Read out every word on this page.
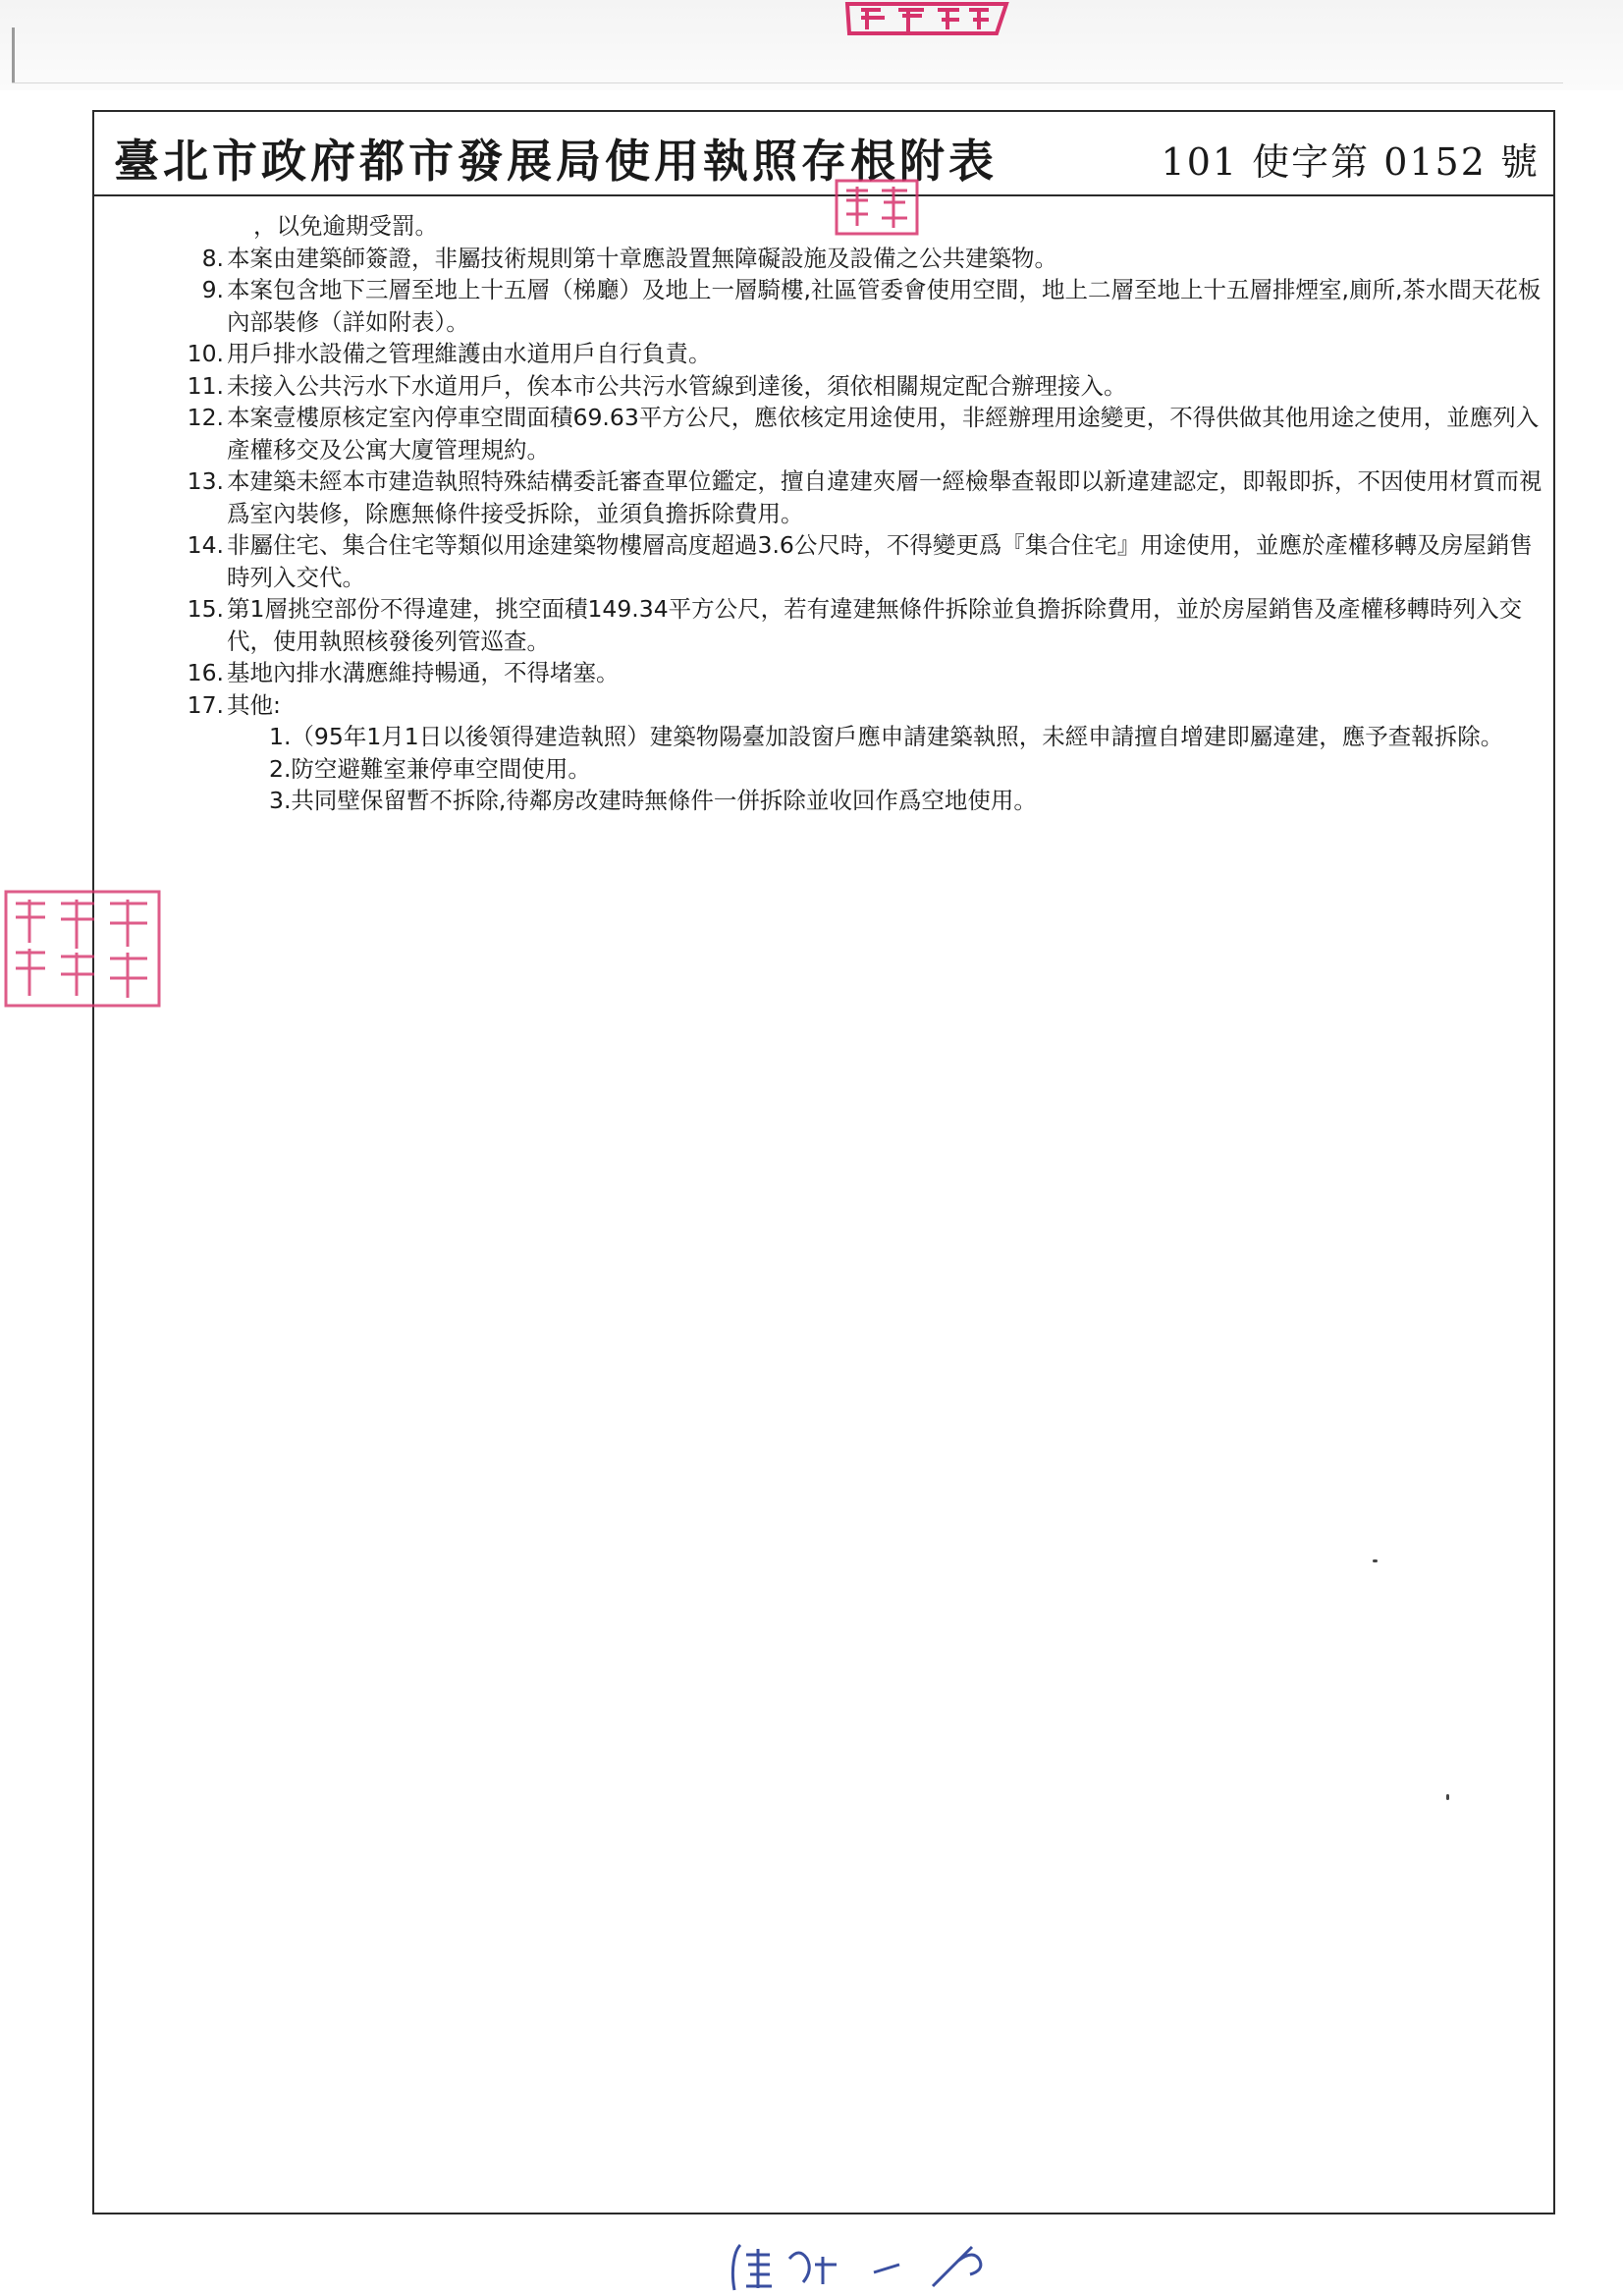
臺北市政府都市發展局使用執照存根附表	101 使字第 0152 號
，以免逾期受罰。
8. 本案由建築師簽證，非屬技術規則第十章應設置無障礙設施及設備之公共建築物。
9. 本案包含地下三層至地上十五層（梯廳）及地上一層騎樓,社區管委會使用空間，地上二層至地上十五層排煙室,廁所,茶水間天花板內部裝修（詳如附表）。
10. 用戶排水設備之管理維護由水道用戶自行負責。
11. 未接入公共污水下水道用戶，俟本市公共污水管線到達後，須依相關規定配合辦理接入。
12. 本案壹樓原核定室內停車空間面積69.63平方公尺，應依核定用途使用，非經辦理用途變更，不得供做其他用途之使用，並應列入產權移交及公寓大廈管理規約。
13. 本建築未經本市建造執照特殊結構委託審查單位鑑定，擅自違建夾層一經檢舉查報即以新違建認定，即報即拆，不因使用材質而視爲室內裝修，除應無條件接受拆除，並須負擔拆除費用。
14. 非屬住宅、集合住宅等類似用途建築物樓層高度超過3.6公尺時，不得變更爲『集合住宅』用途使用，並應於產權移轉及房屋銷售時列入交代。
15. 第1層挑空部份不得違建，挑空面積149.34平方公尺，若有違建無條件拆除並負擔拆除費用，並於房屋銷售及產權移轉時列入交代，使用執照核發後列管巡查。
16. 基地內排水溝應維持暢通，不得堵塞。
17. 其他:
1.（95年1月1日以後領得建造執照）建築物陽臺加設窗戶應申請建築執照，未經申請擅自增建即屬違建，應予查報拆除。
2.防空避難室兼停車空間使用。
3.共同壁保留暫不拆除,待鄰房改建時無條件一併拆除並收回作爲空地使用。
